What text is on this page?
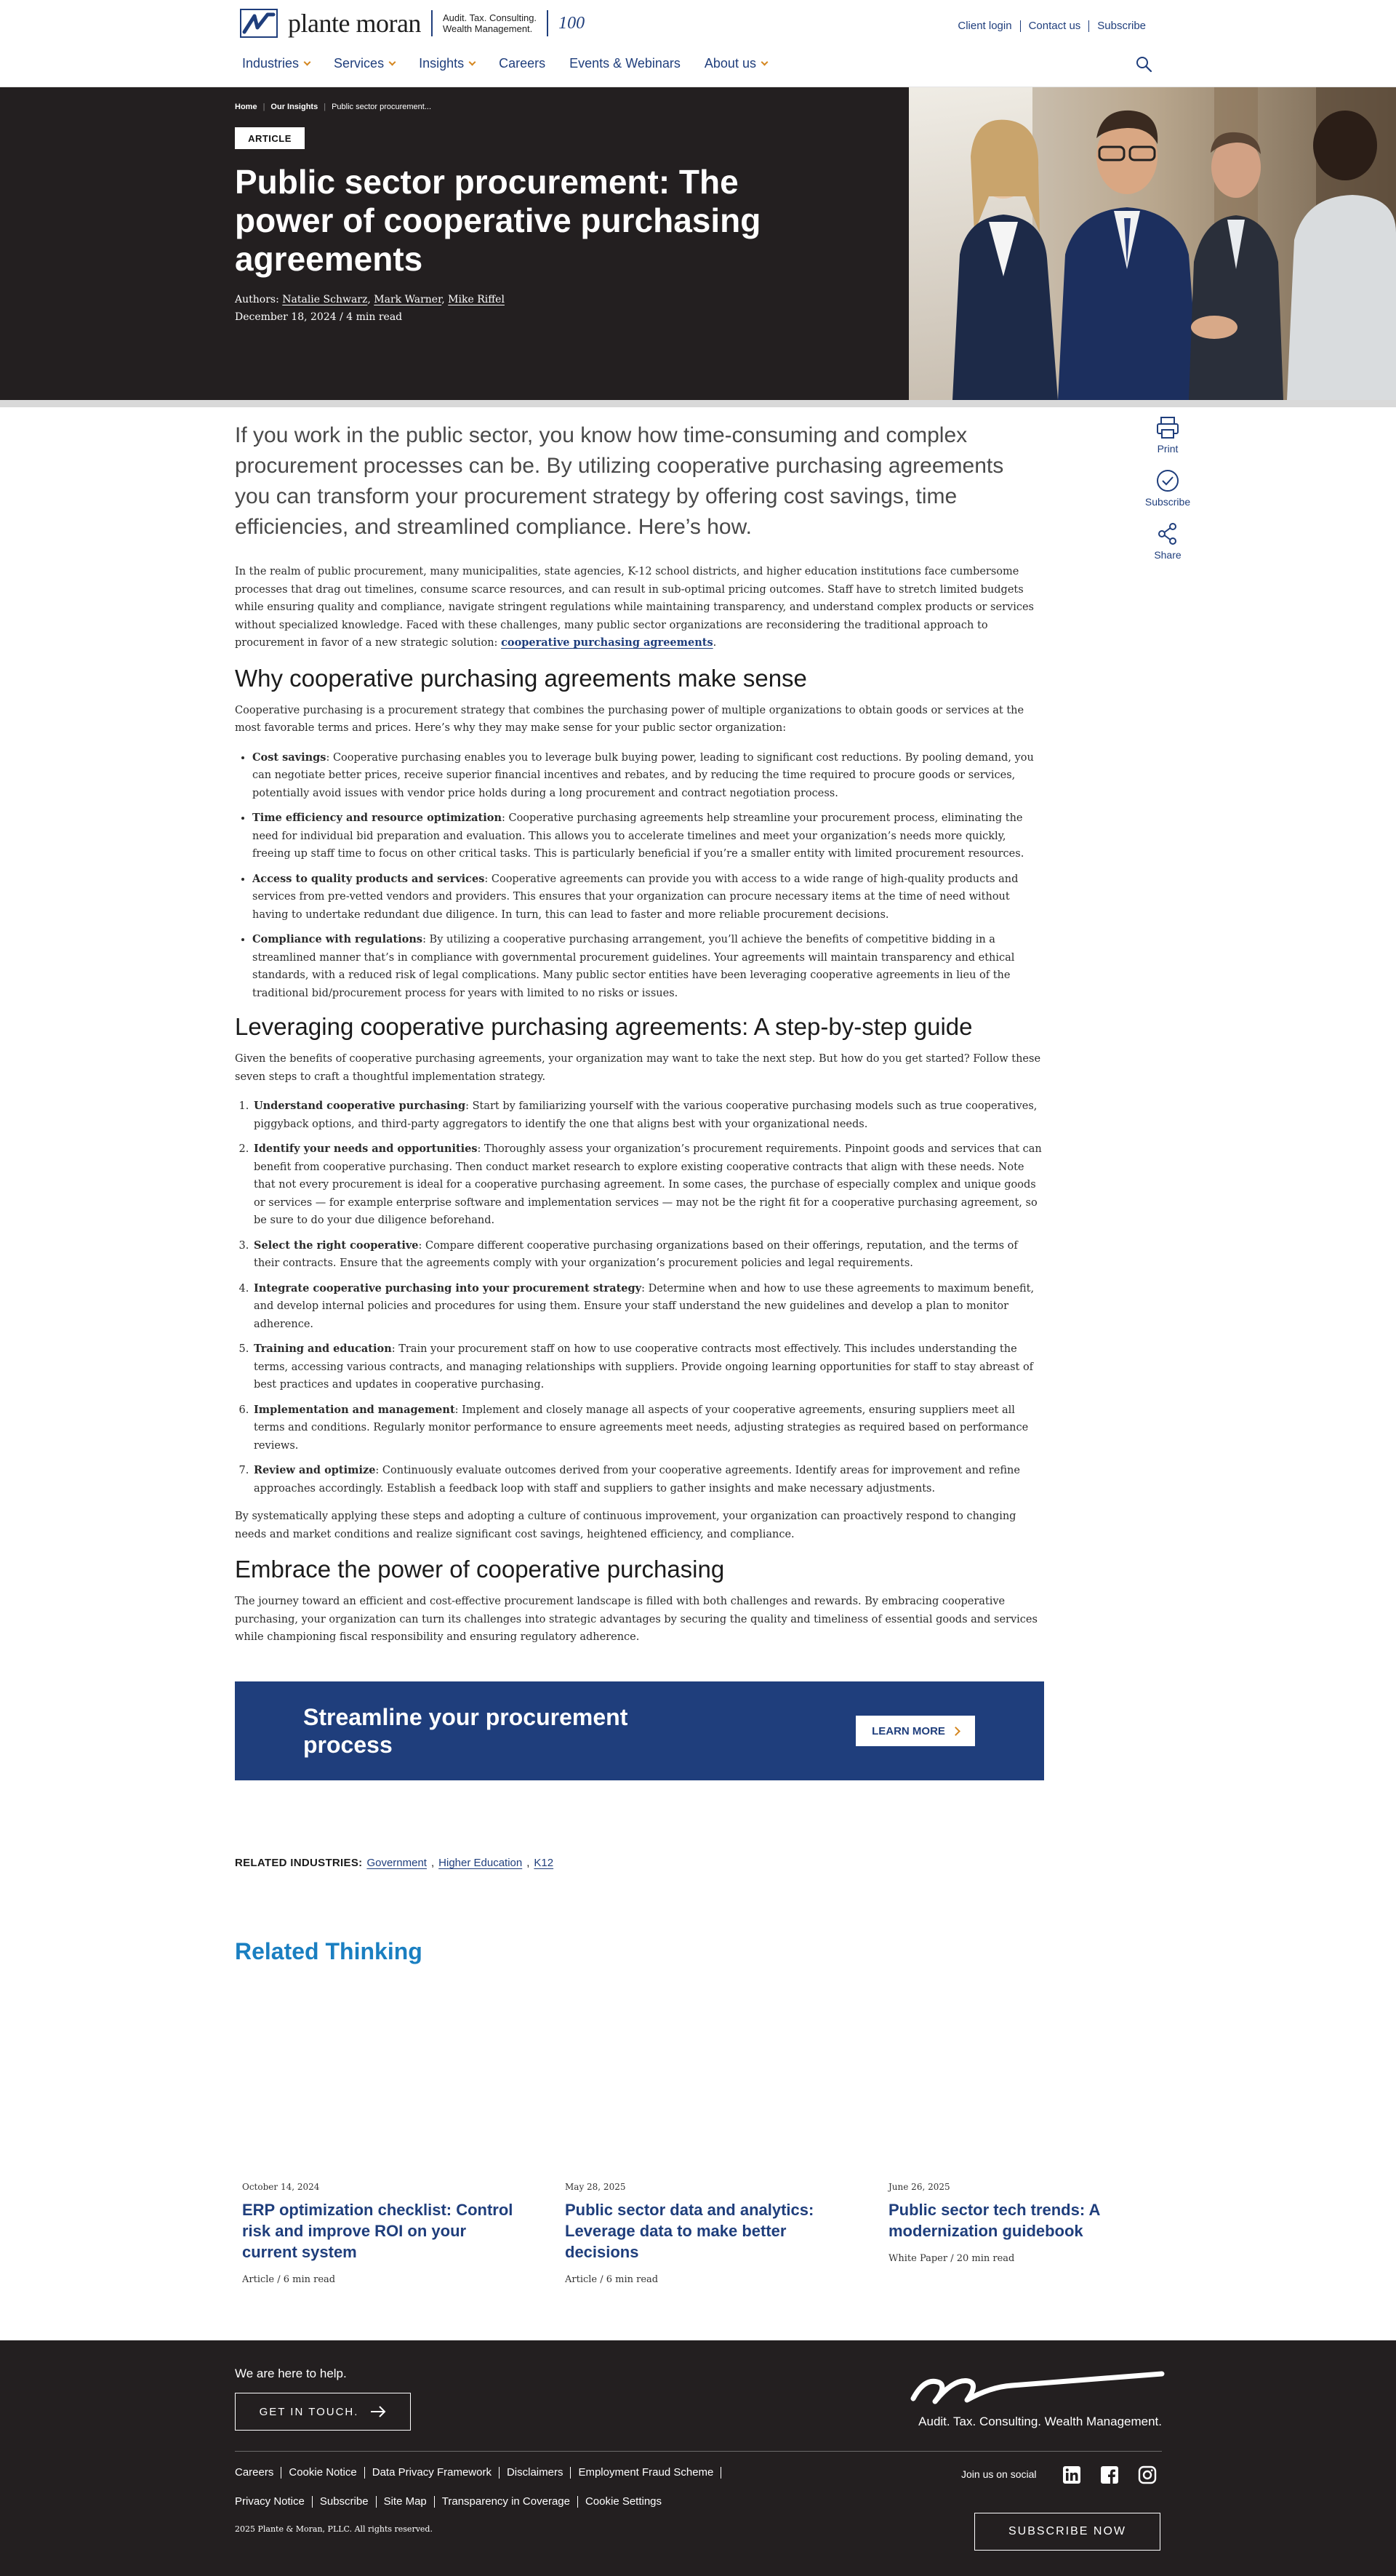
plante moran Audit. Tax. Consulting.
Wealth Management. 100	Client login	Contact us	Subscribe
Industries	Services	Insights	Careers Events & Webinars About us
Home | Our Insights | Public sector procurement...
ARTICLE
Public sector procurement: The power of cooperative purchasing agreements
Authors: Natalie Schwarz, Mark Warner, Mike Riffel
December 18, 2024 / 4 min read
Print
Subscribe
Share

If you work in the public sector, you know how time-consuming and complex procurement processes can be. By utilizing cooperative purchasing agreements you can transform your procurement strategy by offering cost savings, time efficiencies, and streamlined compliance. Here’s how.

In the realm of public procurement, many municipalities, state agencies, K-12 school districts, and higher education institutions face cumbersome processes that drag out timelines, consume scarce resources, and can result in sub-optimal pricing outcomes. Staff have to stretch limited budgets while ensuring quality and compliance, navigate stringent regulations while maintaining transparency, and understand complex products or services without specialized knowledge. Faced with these challenges, many public sector organizations are reconsidering the traditional approach to procurement in favor of a new strategic solution: cooperative purchasing agreements.

Why cooperative purchasing agreements make sense

Cooperative purchasing is a procurement strategy that combines the purchasing power of multiple organizations to obtain goods or services at the most favorable terms and prices. Here’s why they may make sense for your public sector organization:

• Cost savings: Cooperative purchasing enables you to leverage bulk buying power, leading to significant cost reductions. By pooling demand, you can negotiate better prices, receive superior financial incentives and rebates, and by reducing the time required to procure goods or services, potentially avoid issues with vendor price holds during a long procurement and contract negotiation process.
• Time efficiency and resource optimization: Cooperative purchasing agreements help streamline your procurement process, eliminating the need for individual bid preparation and evaluation. This allows you to accelerate timelines and meet your organization’s needs more quickly, freeing up staff time to focus on other critical tasks. This is particularly beneficial if you’re a smaller entity with limited procurement resources.
• Access to quality products and services: Cooperative agreements can provide you with access to a wide range of high-quality products and services from pre-vetted vendors and providers. This ensures that your organization can procure necessary items at the time of need without having to undertake redundant due diligence. In turn, this can lead to faster and more reliable procurement decisions.
• Compliance with regulations: By utilizing a cooperative purchasing arrangement, you’ll achieve the benefits of competitive bidding in a streamlined manner that’s in compliance with governmental procurement guidelines. Your agreements will maintain transparency and ethical standards, with a reduced risk of legal complications. Many public sector entities have been leveraging cooperative agreements in lieu of the traditional bid/procurement process for years with limited to no risks or issues.
Leveraging cooperative purchasing agreements: A step-by-step guide

Given the benefits of cooperative purchasing agreements, your organization may want to take the next step. But how do you get started? Follow these seven steps to craft a thoughtful implementation strategy.

1. Understand cooperative purchasing: Start by familiarizing yourself with the various cooperative purchasing models such as true cooperatives, piggyback options, and third-party aggregators to identify the one that aligns best with your organizational needs.
2. Identify your needs and opportunities: Thoroughly assess your organization’s procurement requirements. Pinpoint goods and services that can benefit from cooperative purchasing. Then conduct market research to explore existing cooperative contracts that align with these needs. Note that not every procurement is ideal for a cooperative purchasing agreement. In some cases, the purchase of especially complex and unique goods or services — for example enterprise software and implementation services — may not be the right fit for a cooperative purchasing agreement, so be sure to do your due diligence beforehand.
3. Select the right cooperative: Compare different cooperative purchasing organizations based on their offerings, reputation, and the terms of their contracts. Ensure that the agreements comply with your organization’s procurement policies and legal requirements.
4. Integrate cooperative purchasing into your procurement strategy: Determine when and how to use these agreements to maximum benefit, and develop internal policies and procedures for using them. Ensure your staff understand the new guidelines and develop a plan to monitor adherence.
5. Training and education: Train your procurement staff on how to use cooperative contracts most effectively. This includes understanding the terms, accessing various contracts, and managing relationships with suppliers. Provide ongoing learning opportunities for staff to stay abreast of best practices and updates in cooperative purchasing.
6. Implementation and management: Implement and closely manage all aspects of your cooperative agreements, ensuring suppliers meet all terms and conditions. Regularly monitor performance to ensure agreements meet needs, adjusting strategies as required based on performance reviews.
7. Review and optimize: Continuously evaluate outcomes derived from your cooperative agreements. Identify areas for improvement and refine approaches accordingly. Establish a feedback loop with staff and suppliers to gather insights and make necessary adjustments.

By systematically applying these steps and adopting a culture of continuous improvement, your organization can proactively respond to changing needs and market conditions and realize significant cost savings, heightened efficiency, and compliance.

Embrace the power of cooperative purchasing

The journey toward an efficient and cost-effective procurement landscape is filled with both challenges and rewards. By embracing cooperative purchasing, your organization can turn its challenges into strategic advantages by securing the quality and timeliness of essential goods and services while championing fiscal responsibility and ensuring regulatory adherence.

Streamline your procurement process
LEARN MORE
RELATED INDUSTRIES: Government , Higher Education , K12
Related Thinking
October 14, 2024
ERP optimization checklist: Control risk and improve ROI on your current system
Article / 6 min read
May 28, 2025
Public sector data and analytics: Leverage data to make better decisions
Article / 6 min read
June 26, 2025
Public sector tech trends: A modernization guidebook
White Paper / 20 min read
We are here to help.
GET IN TOUCH.
Audit. Tax. Consulting. Wealth Management.
Careers	Cookie Notice	Data Privacy Framework	Disclaimers	Employment Fraud Scheme
Privacy Notice	Subscribe	Site Map	Transparency in Coverage	Cookie Settings
Join us on social
2025 Plante & Moran, PLLC. All rights reserved.	SUBSCRIBE NOW
